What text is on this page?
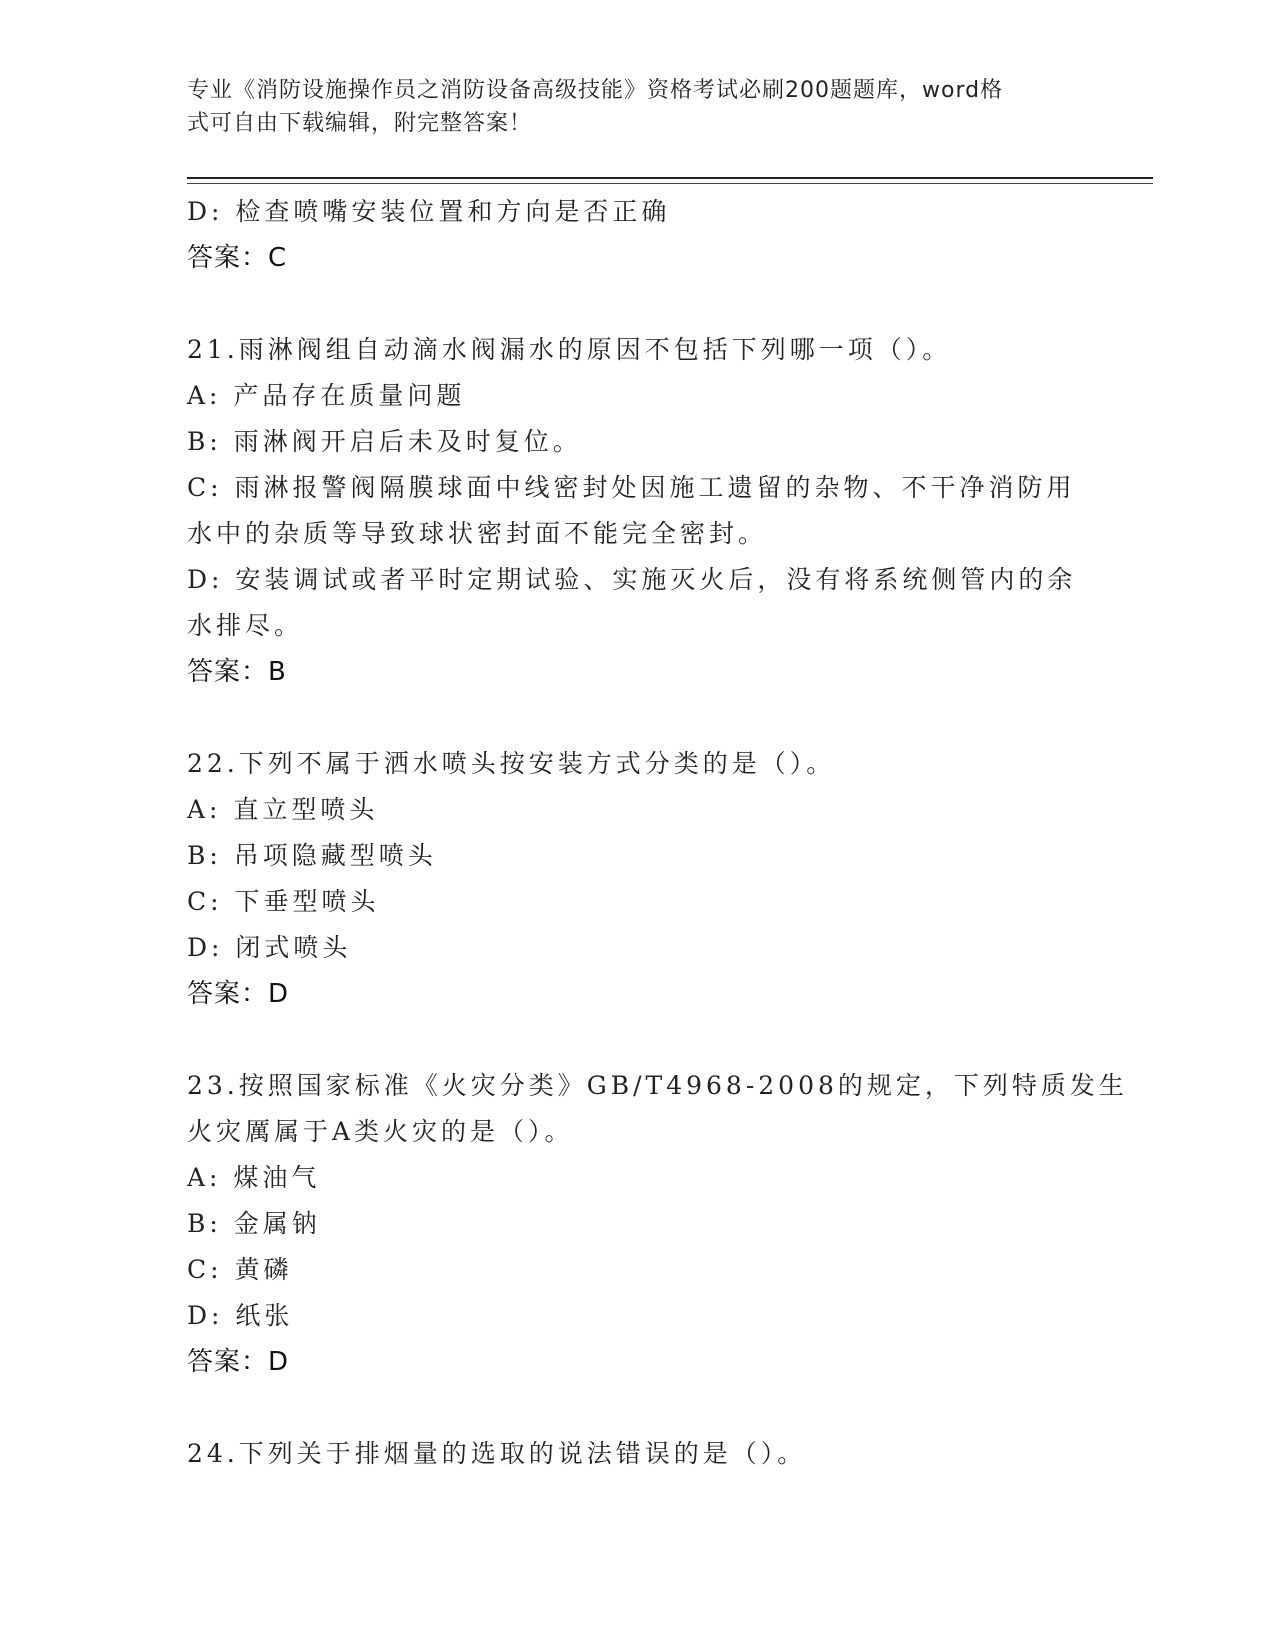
专业《消防设施操作员之消防设备高级技能》资格考试必刷200题题库，word格
式可自由下载编辑，附完整答案！
D: 检查喷嘴安装位置和方向是否正确
答案：C
21.雨淋阀组自动滴水阀漏水的原因不包括下列哪一项（）。
A: 产品存在质量问题
B: 雨淋阀开启后未及时复位。
C: 雨淋报警阀隔膜球面中线密封处因施工遗留的杂物、不干净消防用
水中的杂质等导致球状密封面不能完全密封。
D: 安装调试或者平时定期试验、实施灭火后，没有将系统侧管内的余
水排尽。
答案：B
22.下列不属于洒水喷头按安装方式分类的是（）。
A: 直立型喷头
B: 吊项隐藏型喷头
C: 下垂型喷头
D: 闭式喷头
答案：D
23.按照国家标准《火灾分类》GB/T4968-2008的规定，下列特质发生
火灾厲属于A类火灾的是（）。
A: 煤油气
B: 金属钠
C: 黄磷
D: 纸张
答案：D
24.下列关于排烟量的选取的说法错误的是（）。
